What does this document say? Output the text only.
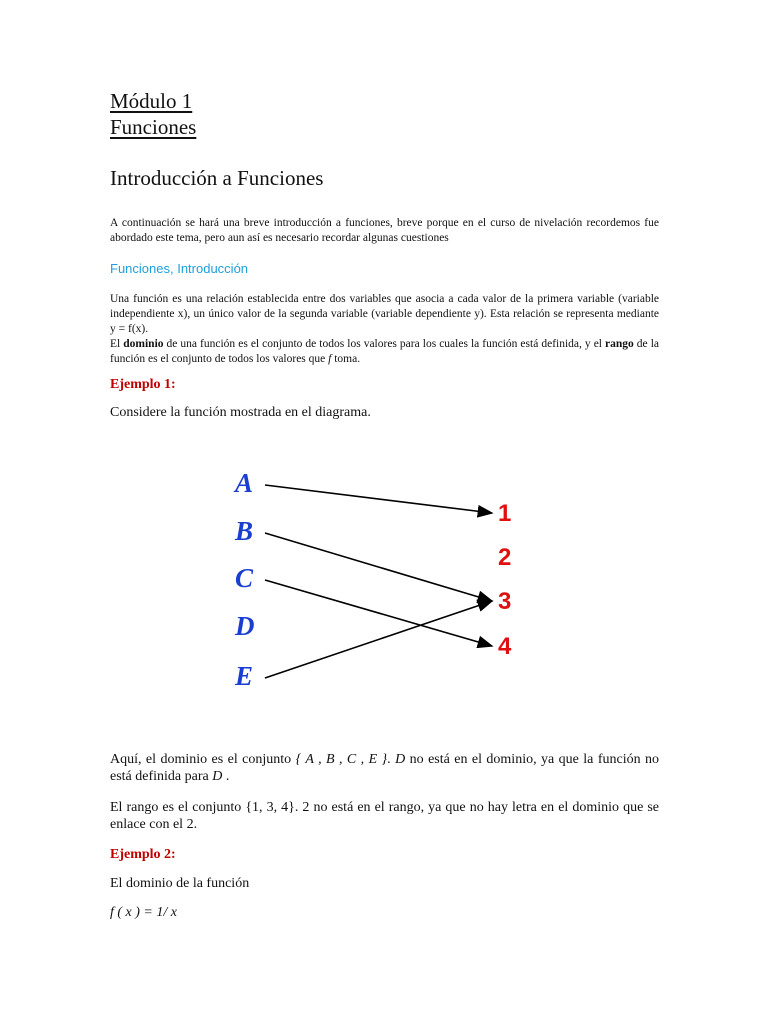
Módulo 1
Funciones
Introducción a Funciones

A continuación se hará una breve introducción a funciones, breve porque en el curso de nivelación recordemos fue abordado este tema, pero aun así es necesario recordar algunas cuestiones

Funciones, Introducción

Una función es una relación establecida entre dos variables que asocia a cada valor de la primera variable (variable independiente x), un único valor de la segunda variable (variable dependiente y). Esta relación se representa mediante y = f(x).

El dominio de una función es el conjunto de todos los valores para los cuales la función está definida, y el rango de la función es el conjunto de todos los valores que f toma.

Ejemplo 1:

Considere la función mostrada en el diagrama.

Aquí, el dominio es el conjunto { A , B , C , E }. D no está en el dominio, ya que la función no está definida para D .

El rango es el conjunto {1, 3, 4}. 2 no está en el rango, ya que no hay letra en el dominio que se enlace con el 2.

Ejemplo 2:

El dominio de la función

f ( x ) = 1/ x
A
B
C
D
E
1
2
3
4
